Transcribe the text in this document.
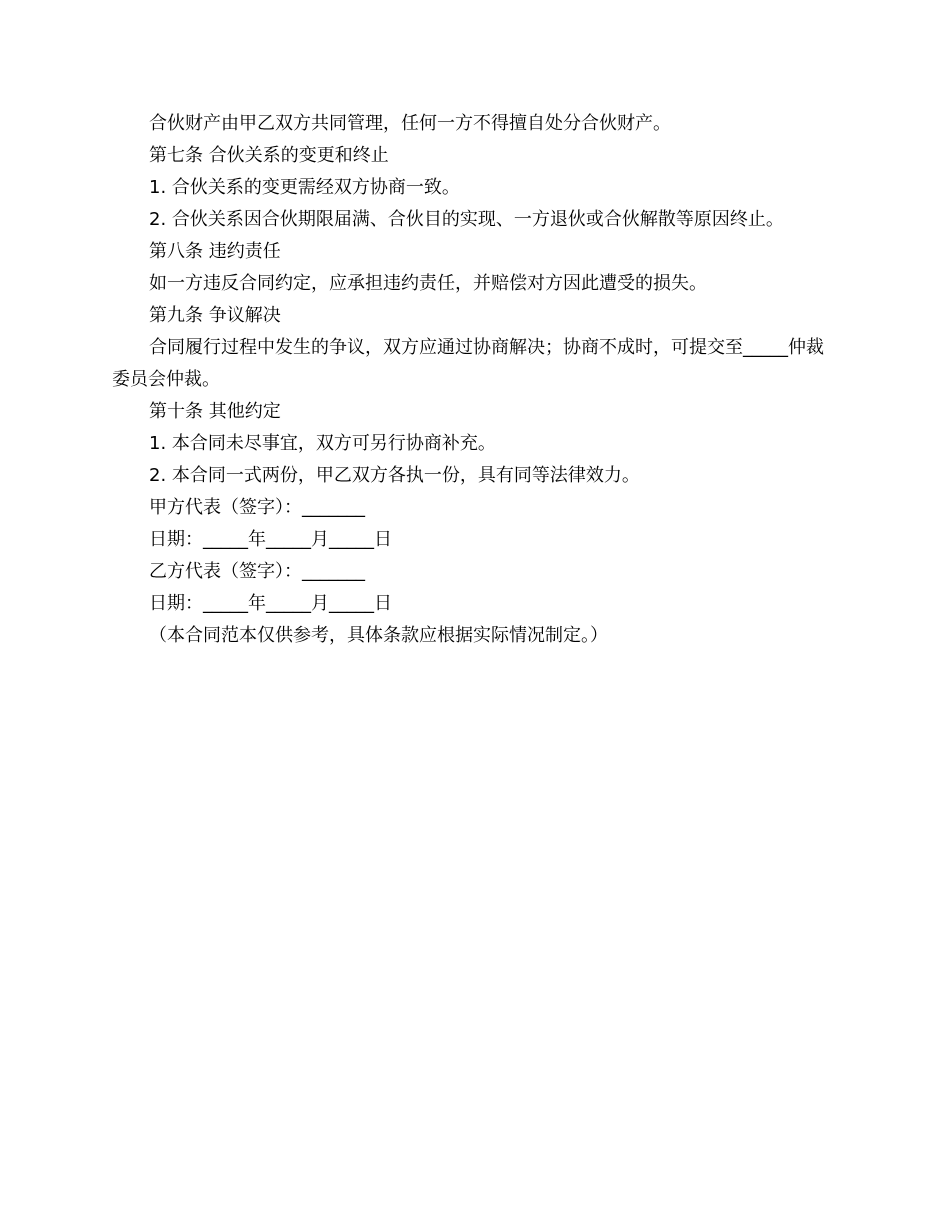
合伙财产由甲乙双方共同管理，任何一方不得擅自处分合伙财产。

第七条 合伙关系的变更和终止

1. 合伙关系的变更需经双方协商一致。

2. 合伙关系因合伙期限届满、合伙目的实现、一方退伙或合伙解散等原因终止。

第八条 违约责任

如一方违反合同约定，应承担违约责任，并赔偿对方因此遭受的损失。

第九条 争议解决

合同履行过程中发生的争议，双方应通过协商解决；协商不成时，可提交至_____仲裁委员会仲裁。

第十条 其他约定

1. 本合同未尽事宜，双方可另行协商补充。

2. 本合同一式两份，甲乙双方各执一份，具有同等法律效力。

甲方代表（签字）：_______

日期：_____年_____月_____日

乙方代表（签字）：_______

日期：_____年_____月_____日

（本合同范本仅供参考，具体条款应根据实际情况制定。）
